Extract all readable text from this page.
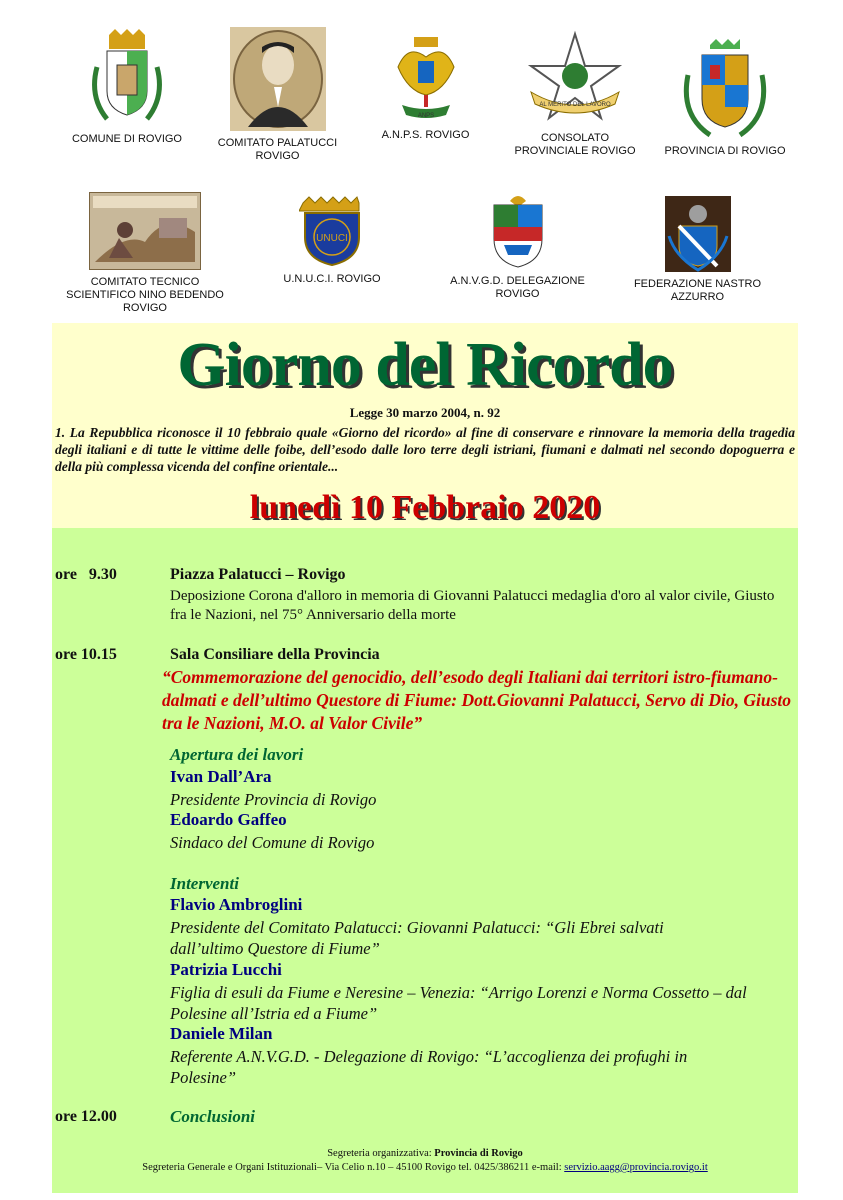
COMUNE DI ROVIGO	COMITATO PALATUCCI ROVIGO
ANPS
A.N.P.S. ROVIGO
AL MERITO DEL LAVORO
CONSOLATO PROVINCIALE ROVIGO	PROVINCIA DI ROVIGO
COMITATO TECNICO SCIENTIFICO NINO BEDENDO ROVIGO
UNUCI
U.N.U.C.I. ROVIGO	A.N.V.G.D. DELEGAZIONE ROVIGO
FEDERAZIONE NASTRO AZZURRO
Giorno del Ricordo
Legge 30 marzo 2004, n. 92
1. La Repubblica riconosce il 10 febbraio quale «Giorno del ricordo» al fine di conservare e rinnovare la memoria della tragedia degli italiani e di tutte le vittime delle foibe, dell’esodo dalle loro terre degli istriani, fiumani e dalmati nel secondo dopoguerra e della più complessa vicenda del confine orientale...
lunedì 10 Febbraio 2020
ore   9.30	Piazza Palatucci – Rovigo
Deposizione Corona d'alloro in memoria di Giovanni Palatucci medaglia d'oro al valor civile, Giusto fra le Nazioni, nel 75° Anniversario della morte
ore 10.15	Sala Consiliare della Provincia
“Commemorazione del genocidio, dell’esodo degli Italiani dai territori istro-fiumano-dalmati e dell’ultimo Questore di Fiume: Dott.Giovanni Palatucci, Servo di Dio, Giusto tra le Nazioni, M.O. al Valor Civile”
Apertura dei lavori
Ivan Dall’Ara
Presidente Provincia di Rovigo
Edoardo Gaffeo
Sindaco del Comune di Rovigo
Interventi
Flavio Ambroglini
Presidente del Comitato Palatucci: Giovanni Palatucci: “Gli Ebrei salvati dall’ultimo Questore di Fiume”
Patrizia Lucchi
Figlia di esuli da Fiume e Neresine – Venezia: “Arrigo Lorenzi e Norma Cossetto – dal Polesine all’Istria ed a Fiume”
Daniele Milan
Referente A.N.V.G.D. - Delegazione di Rovigo: “L’accoglienza dei profughi in Polesine”
ore 12.00	Conclusioni
Segreteria organizzativa: Provincia di Rovigo
Segreteria Generale e Organi Istituzionali– Via Celio n.10 – 45100 Rovigo tel. 0425/386211 e-mail: servizio.aagg@provincia.rovigo.it
